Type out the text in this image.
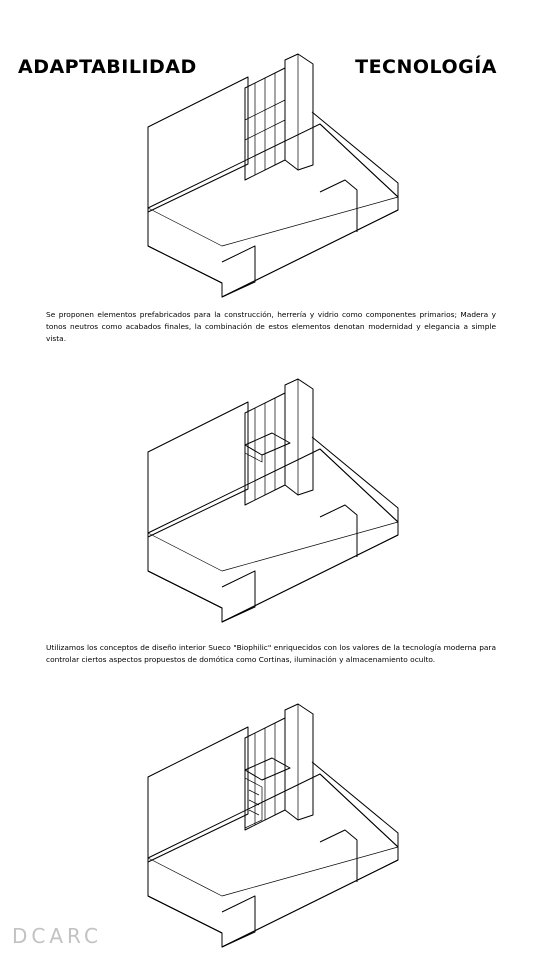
ADAPTABILIDAD	TECNOLOGÍA
Se proponen elementos prefabricados para la construcción, herrería y vidrio como componentes primarios; Madera y tonos neutros como acabados finales, la combinación de estos elementos denotan modernidad y elegancia a simple vista.
Utilizamos los conceptos de diseño interior Sueco "Biophilic" enriquecidos con los valores de la tecnología moderna para controlar ciertos aspectos propuestos de domótica como Cortinas, iluminación y almacenamiento oculto.
DCARC
